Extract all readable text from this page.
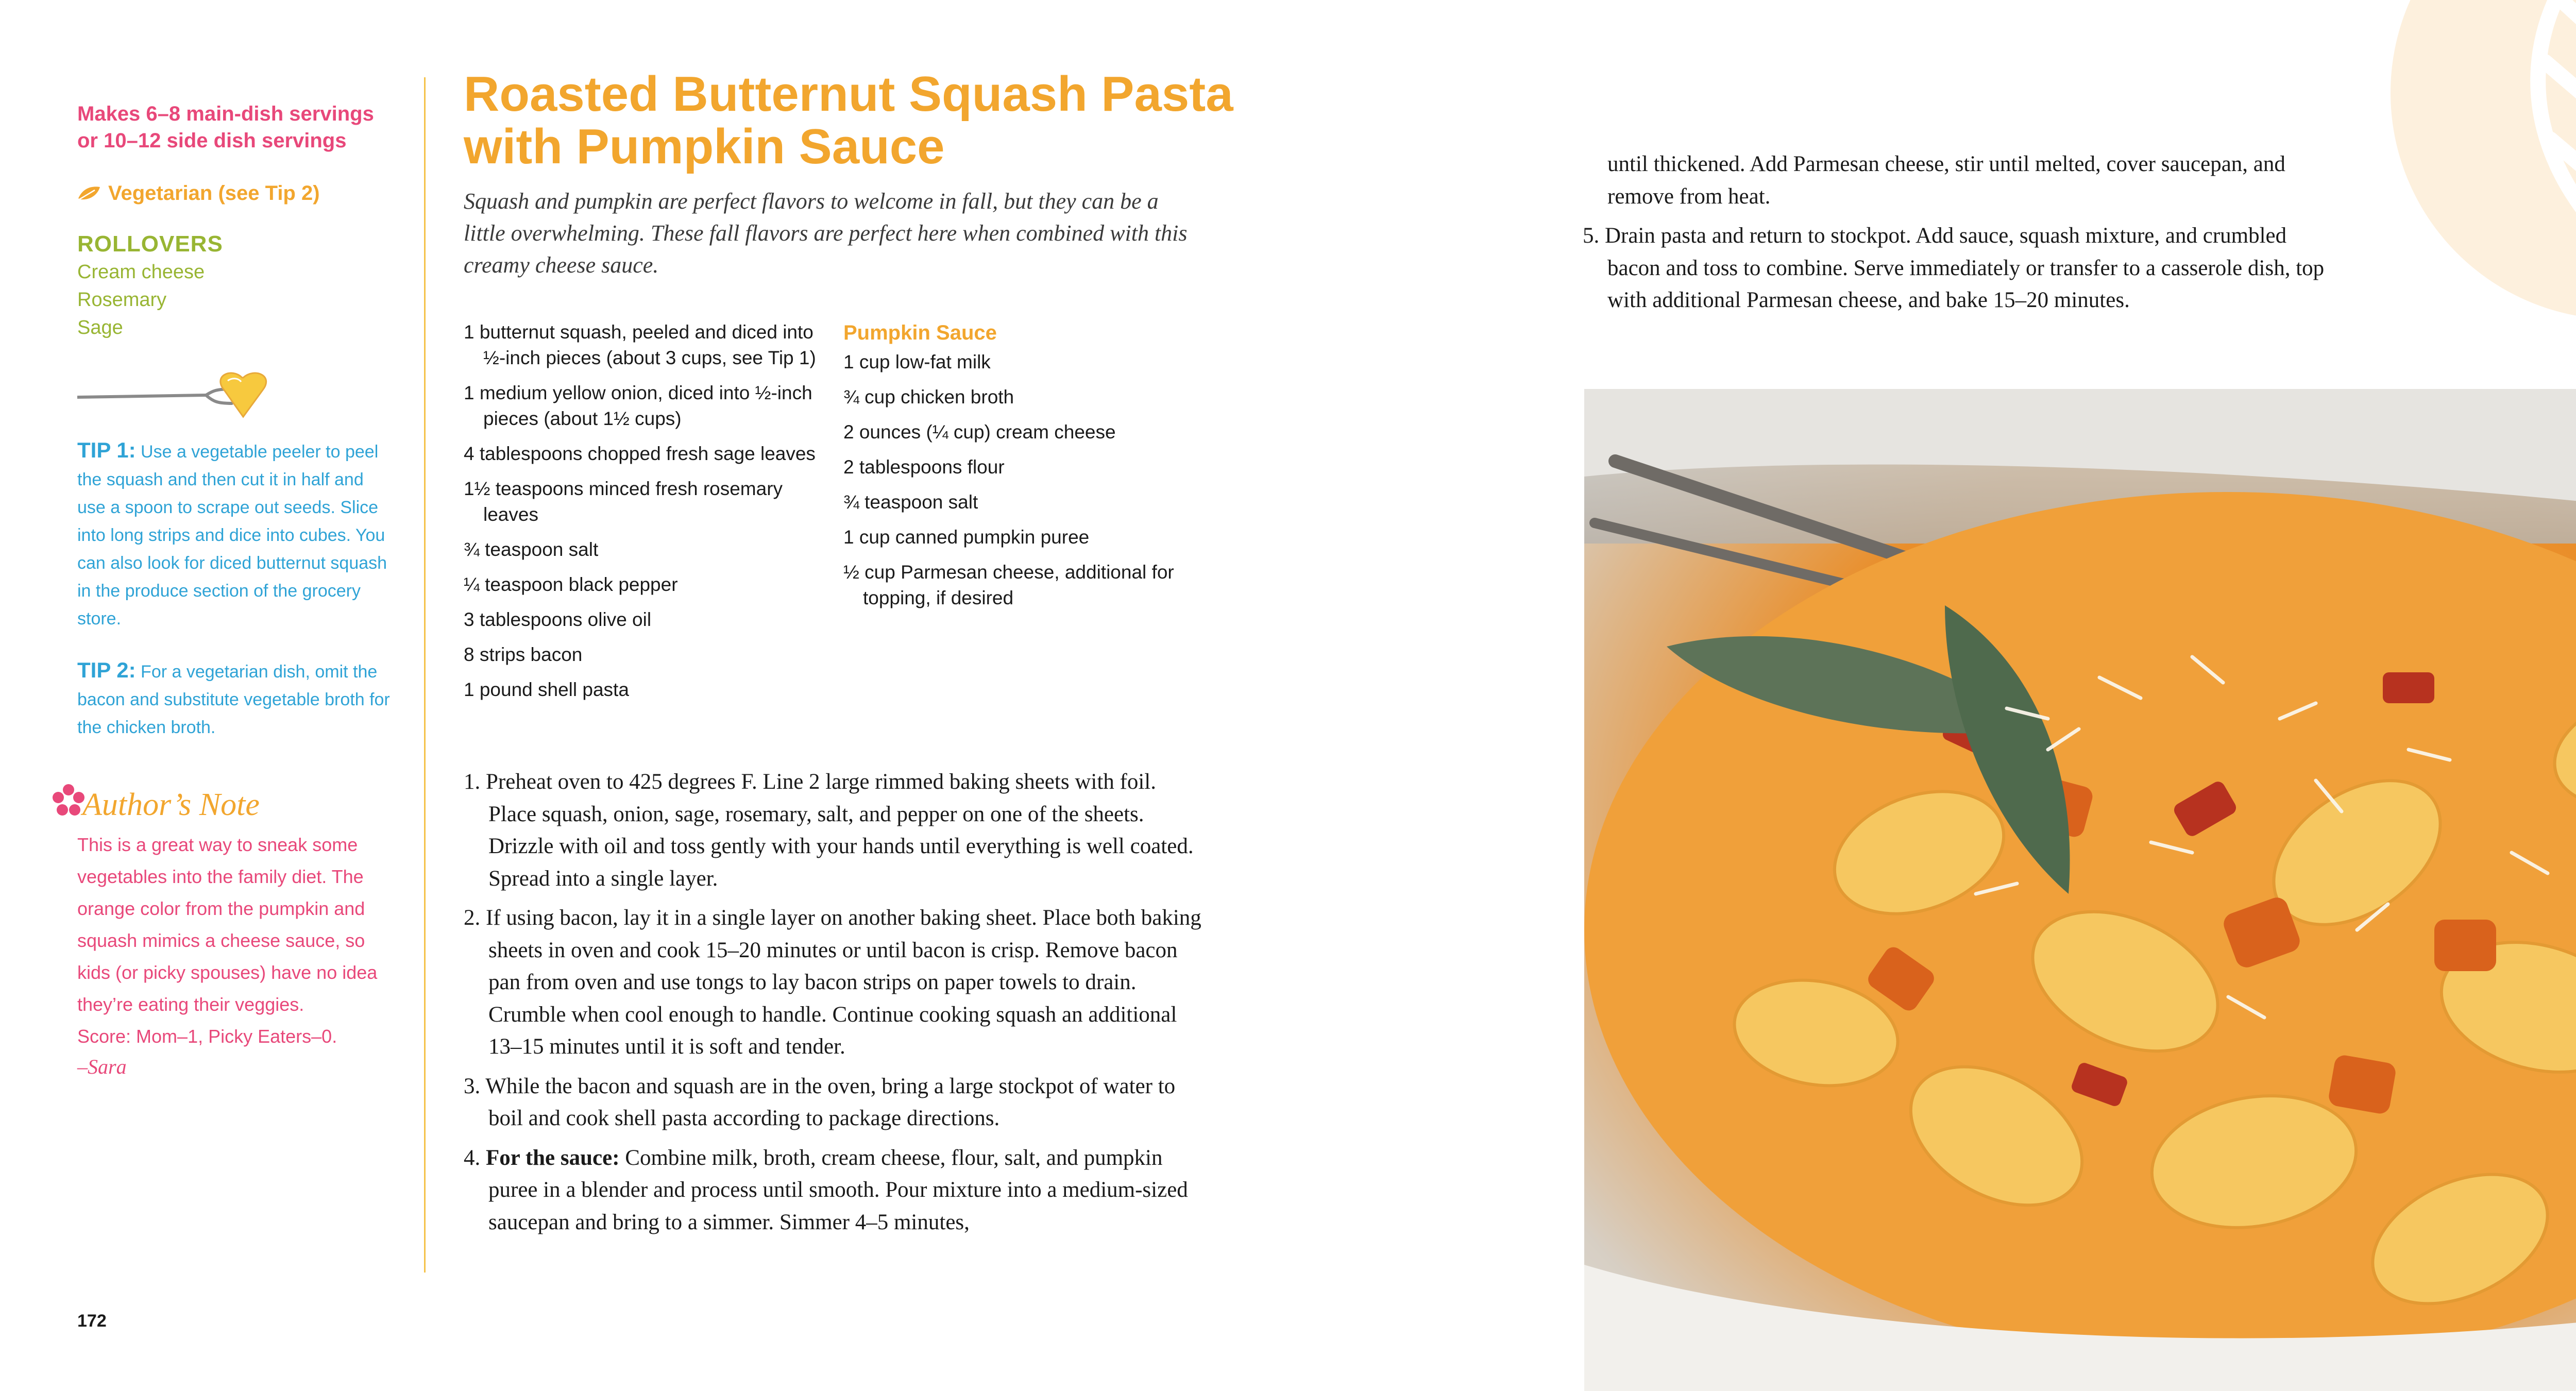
Makes 6–8 main-dish servings or 10–12 side dish servings

Vegetarian (see Tip 2)
ROLLOVERS
Cream cheese
Rosemary
Sage

TIP 1: Use a vegetable peeler to peel the squash and then cut it in half and use a spoon to scrape out seeds. Slice into long strips and dice into cubes. You can also look for diced butternut squash in the produce section of the grocery store.

TIP 2: For a vegetarian dish, omit the bacon and substitute vegetable broth for the chicken broth.

Author’s Note

This is a great way to sneak some vegetables into the family diet. The orange color from the pumpkin and squash mimics a cheese sauce, so kids (or picky spouses) have no idea they’re eating their veggies.

Score: Mom–1, Picky Eaters–0.

–Sara
172
Roasted Butternut Squash Pasta with Pumpkin Sauce

Squash and pumpkin are perfect flavors to welcome in fall, but they can be a little overwhelming. These fall flavors are perfect here when combined with this creamy cheese sauce.

1 butternut squash, peeled and diced into ½-inch pieces (about 3 cups, see Tip 1)

1 medium yellow onion, diced into ½-inch pieces (about 1½ cups)

4 tablespoons chopped fresh sage leaves

1½ teaspoons minced fresh rosemary leaves

¾ teaspoon salt

¼ teaspoon black pepper

3 tablespoons olive oil

8 strips bacon

1 pound shell pasta

Pumpkin Sauce

1 cup low-fat milk

¾ cup chicken broth

2 ounces (¼ cup) cream cheese

2 tablespoons flour

¾ teaspoon salt

1 cup canned pumpkin puree

½ cup Parmesan cheese, additional for topping, if desired

1. Preheat oven to 425 degrees F. Line 2 large rimmed baking sheets with foil. Place squash, onion, sage, rosemary, salt, and pepper on one of the sheets. Drizzle with oil and toss gently with your hands until everything is well coated. Spread into a single layer.
2. If using bacon, lay it in a single layer on another baking sheet. Place both baking sheets in oven and cook 15–20 minutes or until bacon is crisp. Remove bacon pan from oven and use tongs to lay bacon strips on paper towels to drain. Crumble when cool enough to handle. Continue cooking squash an additional 13–15 minutes until it is soft and tender.
3. While the bacon and squash are in the oven, bring a large stockpot of water to boil and cook shell pasta according to package directions.
4. For the sauce: Combine milk, broth, cream cheese, flour, salt, and pumpkin puree in a blender and process until smooth. Pour mixture into a medium-sized saucepan and bring to a simmer. Simmer 4–5 minutes,

until thickened. Add Parmesan cheese, stir until melted, cover saucepan, and remove from heat.

5. Drain pasta and return to stockpot. Add sauce, squash mixture, and crumbled bacon and toss to combine. Serve immediately or transfer to a casserole dish, top with additional Parmesan cheese, and bake 15–20 minutes.
